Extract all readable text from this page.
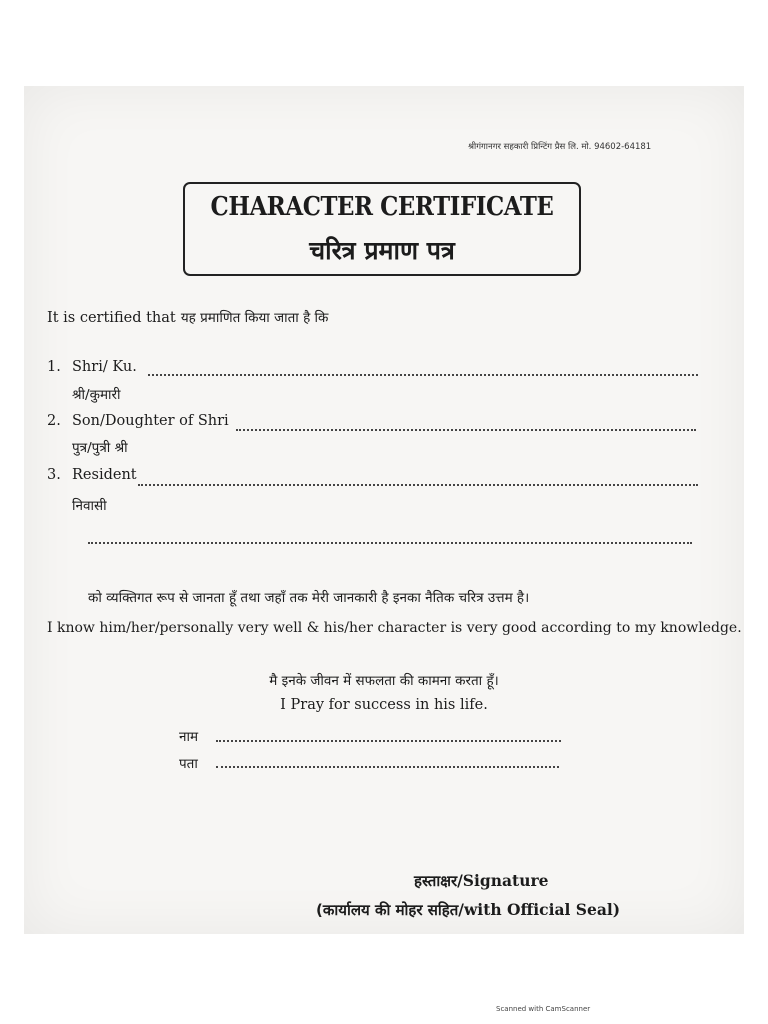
श्रीगंगानगर सहकारी प्रिन्टिंग प्रैस लि. मो. 94602-64181
CHARACTER CERTIFICATE
चरित्र प्रमाण पत्र
It is certified that यह प्रमाणित किया जाता है कि
1. Shri/ Ku.
श्री/कुमारी
2. Son/Doughter of Shri
पुत्र/पुत्री श्री
3. Resident
निवासी
को व्यक्तिगत रूप से जानता हूँ तथा जहाँ तक मेरी जानकारी है इनका नैतिक चरित्र उत्तम है।
I know him/her/personally very well & his/her character is very good according to my knowledge.
मै इनके जीवन में सफलता की कामना करता हूँ।
I Pray for success in his life.
नाम
पता
हस्ताक्षर/Signature
(कार्यालय की मोहर सहित/with Official Seal)
Scanned with CamScanner
